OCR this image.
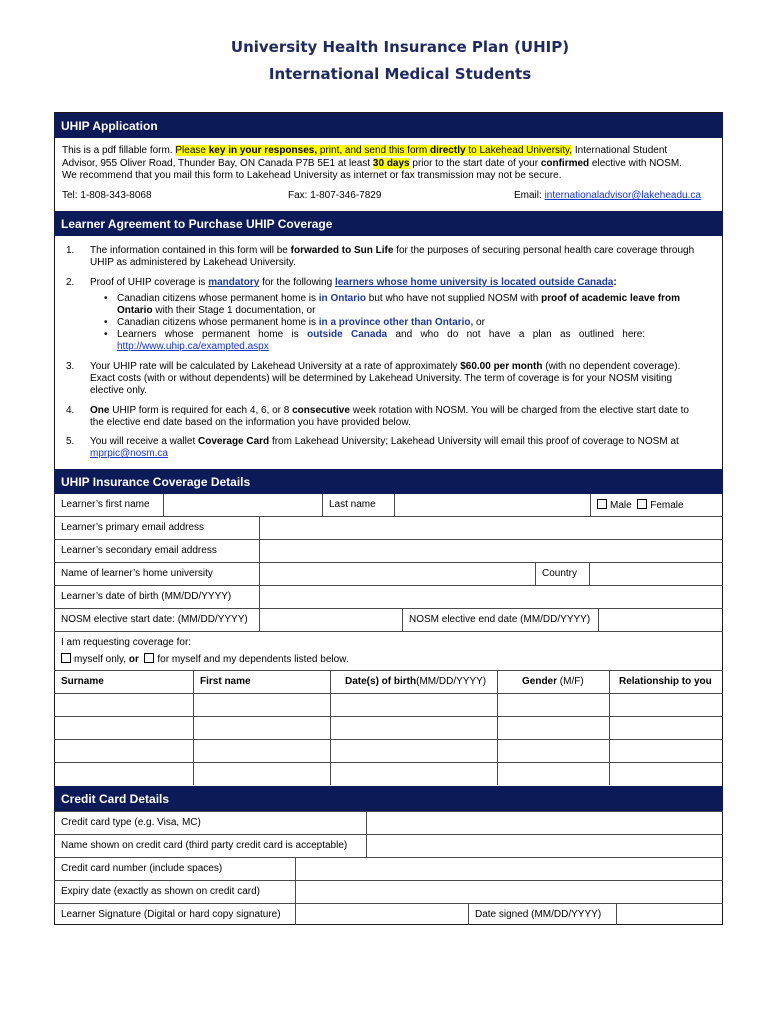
University Health Insurance Plan (UHIP)
International Medical Students
UHIP Application
This is a pdf fillable form. Please key in your responses, print, and send this form directly to Lakehead University, International Student
Advisor, 955 Oliver Road, Thunder Bay, ON Canada P7B 5E1 at least 30 days prior to the start date of your confirmed elective with NOSM.
We recommend that you mail this form to Lakehead University as internet or fax transmission may not be secure.
Tel: 1-808-343-8068	Fax: 1-807-346-7829	Email: internationaladvisor@lakeheadu.ca
Learner Agreement to Purchase UHIP Coverage
1. The information contained in this form will be forwarded to Sun Life for the purposes of securing personal health care coverage through
UHIP as administered by Lakehead University.
2. Proof of UHIP coverage is mandatory for the following learners whose home university is located outside Canada:
• Canadian citizens whose permanent home is in Ontario but who have not supplied NOSM with proof of academic leave from
Ontario with their Stage 1 documentation, or
• Canadian citizens whose permanent home is in a province other than Ontario, or
• Learners   whose   permanent   home   is   outside   Canada   and   who   do   not   have   a   plan   as   outlined   here:
http://www.uhip.ca/exampted.aspx
3. Your UHIP rate will be calculated by Lakehead University at a rate of approximately $60.00 per month (with no dependent coverage).
Exact costs (with or without dependents) will be determined by Lakehead University. The term of coverage is for your NOSM visiting
elective only.
4. One UHIP form is required for each 4, 6, or 8 consecutive week rotation with NOSM. You will be charged from the elective start date to
the elective end date based on the information you have provided below.
5. You will receive a wallet Coverage Card from Lakehead University; Lakehead University will email this proof of coverage to NOSM at
mprpic@nosm.ca
UHIP Insurance Coverage Details
Learner’s first name	Last name	Male Female
Learner’s primary email address
Learner’s secondary email address
Name of learner’s home university	Country
Learner’s date of birth (MM/DD/YYYY)
NOSM elective start date: (MM/DD/YYYY)	NOSM elective end date (MM/DD/YYYY)
I am requesting coverage for:
myself only, or for myself and my dependents listed below.
Surname	First name	Date(s) of birth(MM/DD/YYYY)	Gender (M/F)	Relationship to you
Credit Card Details
Credit card type (e.g. Visa, MC)
Name shown on credit card (third party credit card is acceptable)
Credit card number (include spaces)
Expiry date (exactly as shown on credit card)
Learner Signature (Digital or hard copy signature)	Date signed (MM/DD/YYYY)
